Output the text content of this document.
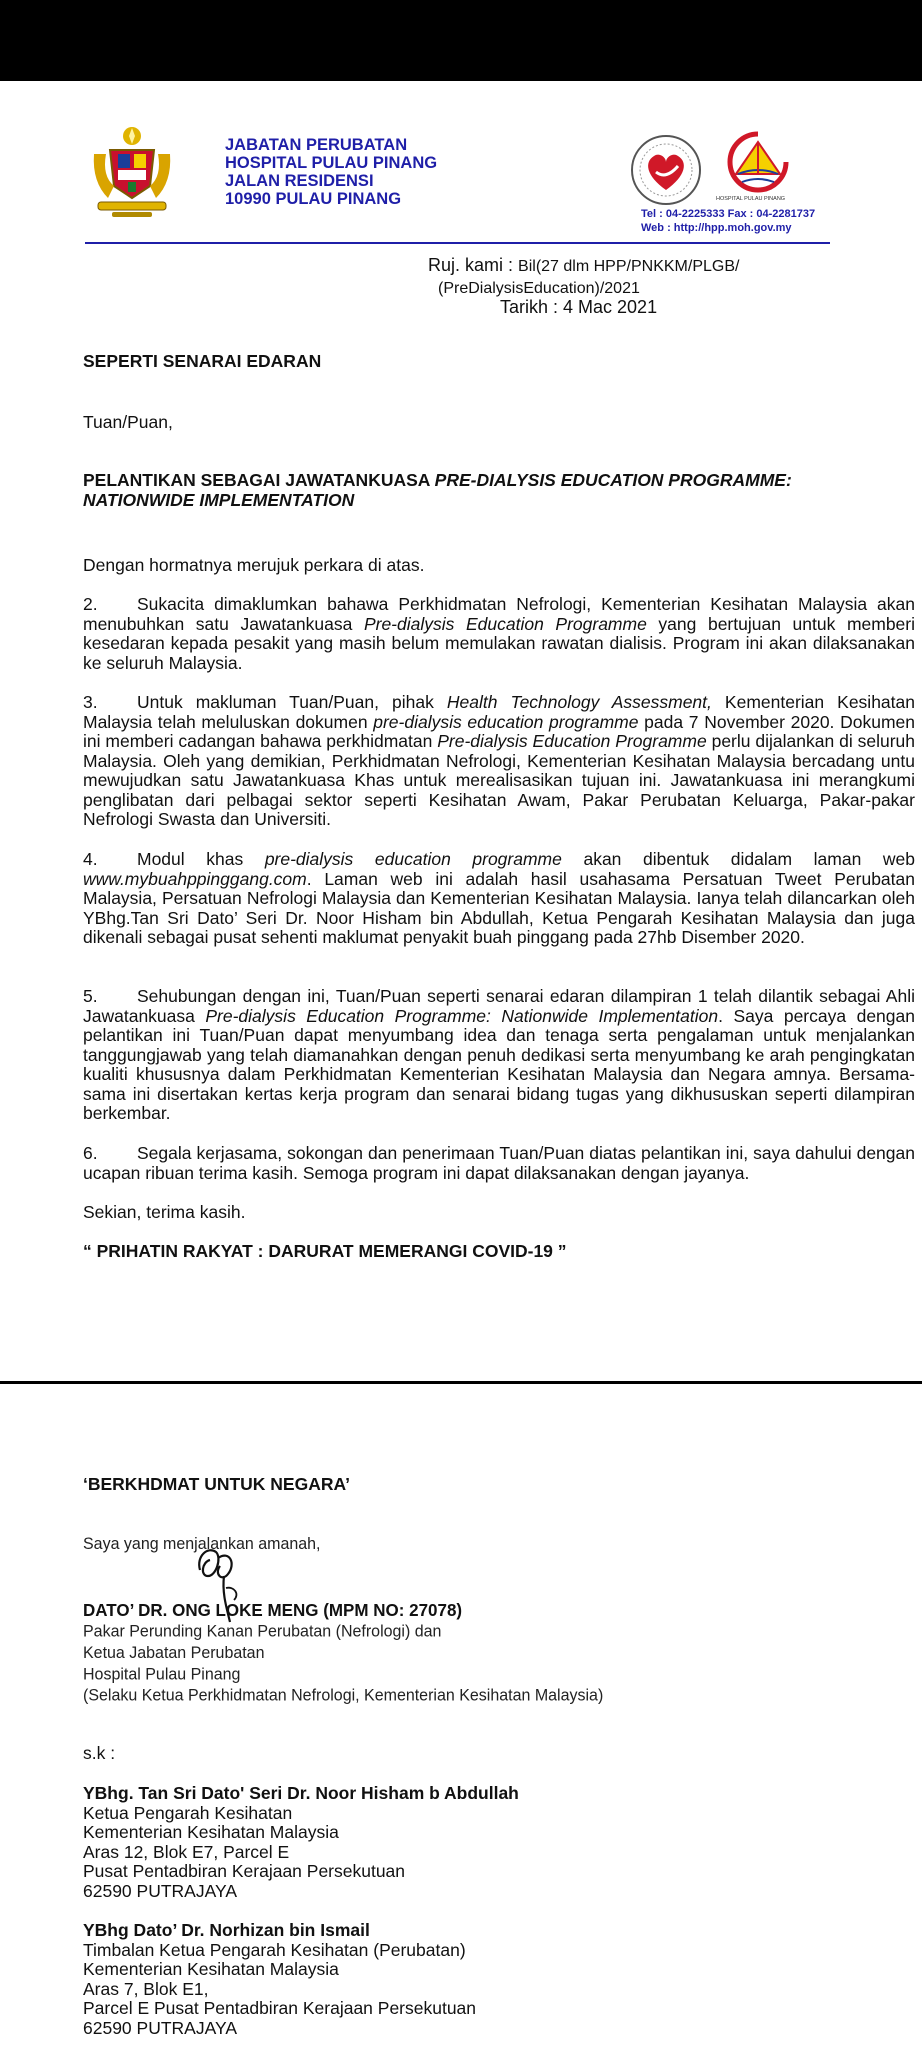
JABATAN PERUBATAN
HOSPITAL PULAU PINANG
JALAN RESIDENSI
10990 PULAU PINANG	HOSPITAL PULAU PINANG
Tel : 04-2225333 Fax : 04-2281737
Web : http://hpp.moh.gov.my
Ruj. kami : Bil(27 dlm HPP/PNKKM/PLGB/
(PreDialysisEducation)/2021
Tarikh : 4 Mac 2021
SEPERTI SENARAI EDARAN
Tuan/Puan,
PELANTIKAN SEBAGAI JAWATANKUASA PRE-DIALYSIS EDUCATION PROGRAMME:
NATIONWIDE IMPLEMENTATION
Dengan hormatnya merujuk perkara di atas.
2. Sukacita dimaklumkan bahawa Perkhidmatan Nefrologi, Kementerian Kesihatan Malaysia akan menubuhkan satu Jawatankuasa Pre-dialysis Education Programme yang bertujuan untuk memberi kesedaran kepada pesakit yang masih belum memulakan rawatan dialisis. Program ini akan dilaksanakan ke seluruh Malaysia.
3. Untuk makluman Tuan/Puan, pihak Health Technology Assessment, Kementerian Kesihatan Malaysia telah meluluskan dokumen pre-dialysis education programme pada 7 November 2020. Dokumen ini memberi cadangan bahawa perkhidmatan Pre-dialysis Education Programme perlu dijalankan di seluruh Malaysia. Oleh yang demikian, Perkhidmatan Nefrologi, Kementerian Kesihatan Malaysia bercadang untu mewujudkan satu Jawatankuasa Khas untuk merealisasikan tujuan ini. Jawatankuasa ini merangkumi penglibatan dari pelbagai sektor seperti Kesihatan Awam, Pakar Perubatan Keluarga, Pakar-pakar Nefrologi Swasta dan Universiti.
4. Modul khas pre-dialysis education programme akan dibentuk didalam laman web www.mybuahppinggang.com. Laman web ini adalah hasil usahasama Persatuan Tweet Perubatan Malaysia, Persatuan Nefrologi Malaysia dan Kementerian Kesihatan Malaysia. Ianya telah dilancarkan oleh YBhg.Tan Sri Dato’ Seri Dr. Noor Hisham bin Abdullah, Ketua Pengarah Kesihatan Malaysia dan juga dikenali sebagai pusat sehenti maklumat penyakit buah pinggang pada 27hb Disember 2020.
5. Sehubungan dengan ini, Tuan/Puan seperti senarai edaran dilampiran 1 telah dilantik sebagai Ahli Jawatankuasa Pre-dialysis Education Programme: Nationwide Implementation. Saya percaya dengan pelantikan ini Tuan/Puan dapat menyumbang idea dan tenaga serta pengalaman untuk menjalankan tanggungjawab yang telah diamanahkan dengan penuh dedikasi serta menyumbang ke arah pengingkatan kualiti khususnya dalam Perkhidmatan Kementerian Kesihatan Malaysia dan Negara amnya. Bersama-sama ini disertakan kertas kerja program dan senarai bidang tugas yang dikhususkan seperti dilampiran berkembar.
6. Segala kerjasama, sokongan dan penerimaan Tuan/Puan diatas pelantikan ini, saya dahului dengan ucapan ribuan terima kasih. Semoga program ini dapat dilaksanakan dengan jayanya.
Sekian, terima kasih.
“ PRIHATIN RAKYAT : DARURAT MEMERANGI COVID-19 ”
‘BERKHDMAT UNTUK NEGARA’
Saya yang menjalankan amanah,
DATO’ DR. ONG LOKE MENG (MPM NO: 27078)
Pakar Perunding Kanan Perubatan (Nefrologi) dan
Ketua Jabatan Perubatan
Hospital Pulau Pinang
(Selaku Ketua Perkhidmatan Nefrologi, Kementerian Kesihatan Malaysia)
s.k :
YBhg. Tan Sri Dato' Seri Dr. Noor Hisham b Abdullah
Ketua Pengarah Kesihatan
Kementerian Kesihatan Malaysia
Aras 12, Blok E7, Parcel E
Pusat Pentadbiran Kerajaan Persekutuan
62590 PUTRAJAYA
YBhg Dato’ Dr. Norhizan bin Ismail
Timbalan Ketua Pengarah Kesihatan (Perubatan)
Kementerian Kesihatan Malaysia
Aras 7, Blok E1,
Parcel E Pusat Pentadbiran Kerajaan Persekutuan
62590 PUTRAJAYA
